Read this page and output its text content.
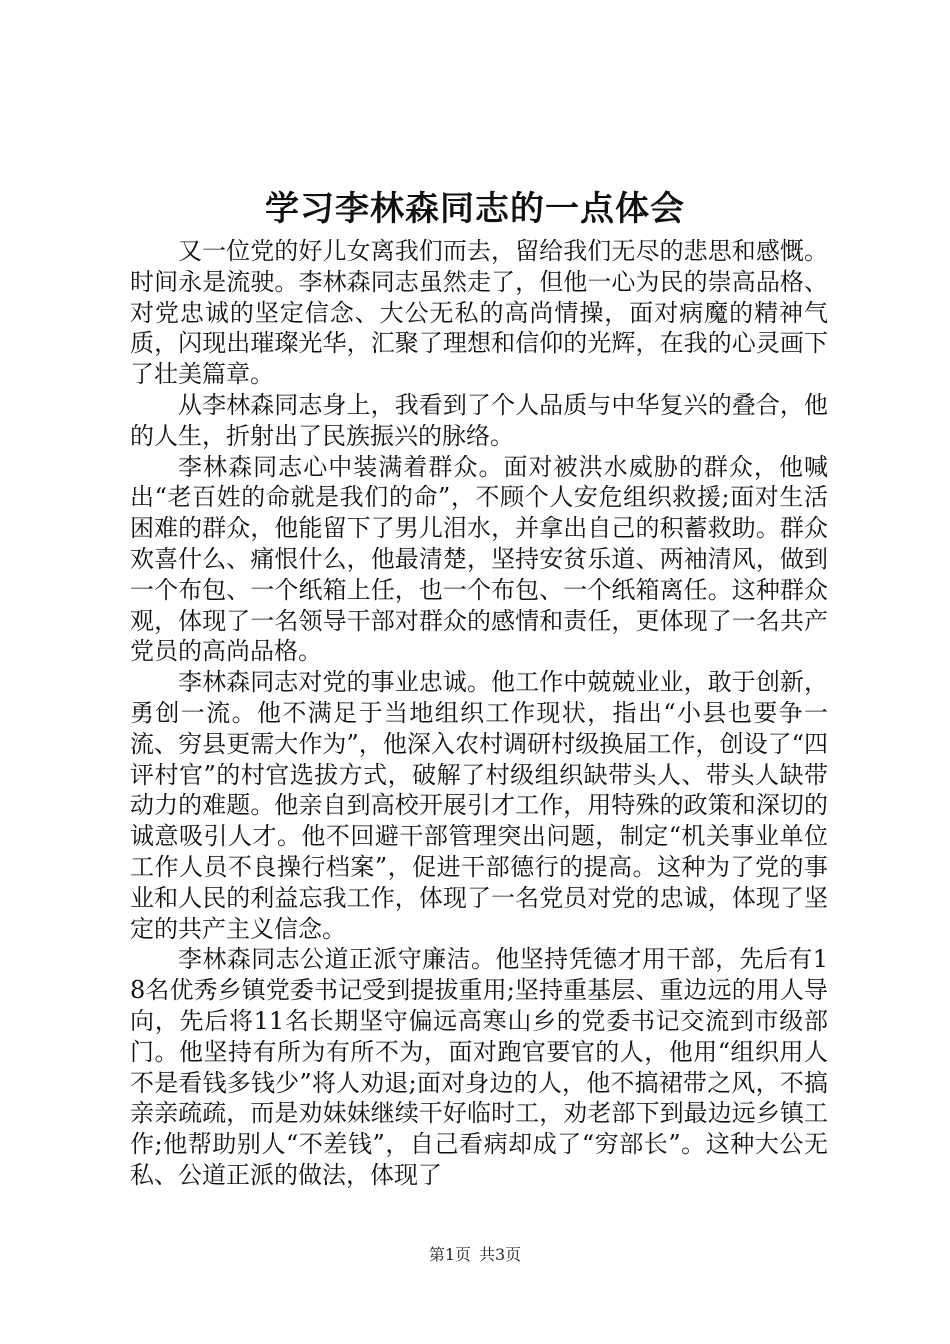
学习李林森同志的一点体会

又一位党的好儿女离我们而去，留给我们无尽的悲思和感慨。时间永是流驶。李林森同志虽然走了，但他一心为民的崇高品格、对党忠诚的坚定信念、大公无私的高尚情操，面对病魔的精神气质，闪现出璀璨光华，汇聚了理想和信仰的光辉，在我的心灵画下了壮美篇章。

从李林森同志身上，我看到了个人品质与中华复兴的叠合，他的人生，折射出了民族振兴的脉络。

李林森同志心中装满着群众。面对被洪水威胁的群众，他喊出“老百姓的命就是我们的命”，不顾个人安危组织救援;面对生活困难的群众，他能留下了男儿泪水，并拿出自己的积蓄救助。群众欢喜什么、痛恨什么，他最清楚，坚持安贫乐道、两袖清风，做到一个布包、一个纸箱上任，也一个布包、一个纸箱离任。这种群众观，体现了一名领导干部对群众的感情和责任，更体现了一名共产党员的高尚品格。

李林森同志对党的事业忠诚。他工作中兢兢业业，敢于创新，勇创一流。他不满足于当地组织工作现状，指出“小县也要争一流、穷县更需大作为”，他深入农村调研村级换届工作，创设了“四评村官”的村官选拔方式，破解了村级组织缺带头人、带头人缺带动力的难题。他亲自到高校开展引才工作，用特殊的政策和深切的诚意吸引人才。他不回避干部管理突出问题，制定“机关事业单位工作人员不良操行档案”，促进干部德行的提高。这种为了党的事业和人民的利益忘我工作，体现了一名党员对党的忠诚，体现了坚定的共产主义信念。

李林森同志公道正派守廉洁。他坚持凭德才用干部，先后有18名优秀乡镇党委书记受到提拔重用;坚持重基层、重边远的用人导向，先后将11名长期坚守偏远高寒山乡的党委书记交流到市级部门。他坚持有所为有所不为，面对跑官要官的人，他用“组织用人不是看钱多钱少”将人劝退;面对身边的人，他不搞裙带之风，不搞亲亲疏疏，而是劝妹妹继续干好临时工，劝老部下到最边远乡镇工作;他帮助别人“不差钱”，自己看病却成了“穷部长”。这种大公无私、公道正派的做法，体现了

第1页 共3页
